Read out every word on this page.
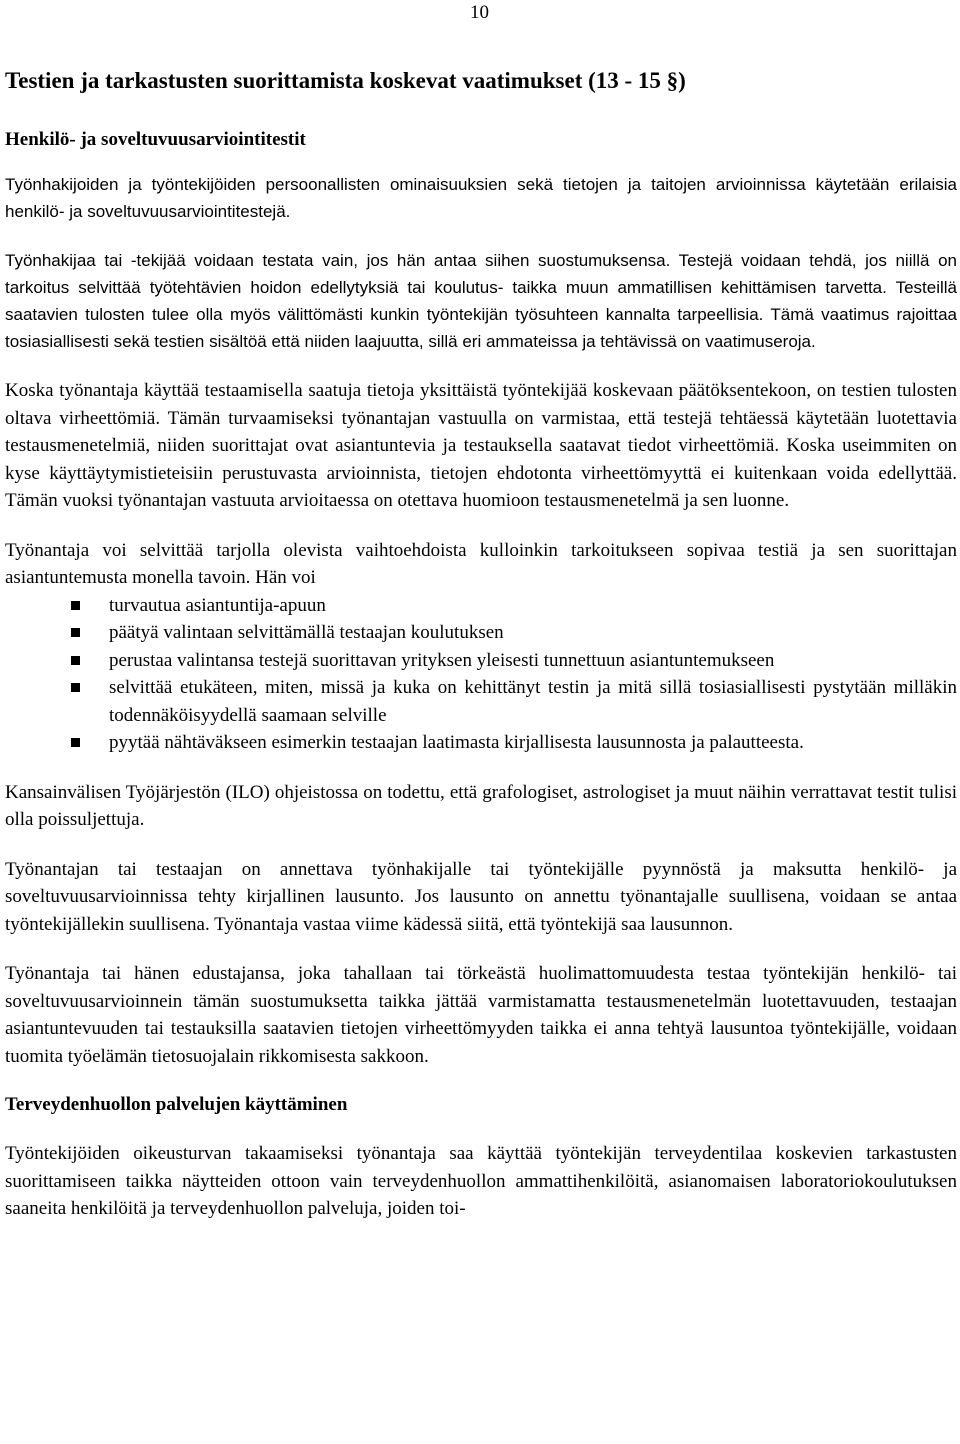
10
Testien ja tarkastusten suorittamista koskevat vaatimukset (13 - 15 §)
Henkilö- ja soveltuvuusarviointitestit

Työnhakijoiden ja työntekijöiden persoonallisten ominaisuuksien sekä tietojen ja taitojen arvioinnissa käytetään erilaisia henkilö- ja soveltuvuusarviointitestejä.

Työnhakijaa tai -tekijää voidaan testata vain, jos hän antaa siihen suostumuksensa. Testejä voidaan tehdä, jos niillä on tarkoitus selvittää työtehtävien hoidon edellytyksiä tai koulutus- taikka muun ammatillisen kehittämisen tarvetta. Testeillä saatavien tulosten tulee olla myös välittömästi kunkin työntekijän työsuhteen kannalta tarpeellisia. Tämä vaatimus rajoittaa tosiasiallisesti sekä testien sisältöä että niiden laajuutta, sillä eri ammateissa ja tehtävissä on vaatimuseroja.

Koska työnantaja käyttää testaamisella saatuja tietoja yksittäistä työntekijää koskevaan päätöksentekoon, on testien tulosten oltava virheettömiä. Tämän turvaamiseksi työnantajan vastuulla on varmistaa, että testejä tehtäessä käytetään luotettavia testausmenetelmiä, niiden suorittajat ovat asiantuntevia ja testauksella saatavat tiedot virheettömiä. Koska useimmiten on kyse käyttäytymistieteisiin perustuvasta arvioinnista, tietojen ehdotonta virheettömyyttä ei kuitenkaan voida edellyttää. Tämän vuoksi työnantajan vastuuta arvioitaessa on otettava huomioon testausmenetelmä ja sen luonne.

Työnantaja voi selvittää tarjolla olevista vaihtoehdoista kulloinkin tarkoitukseen sopivaa testiä ja sen suorittajan asiantuntemusta monella tavoin. Hän voi

turvautua asiantuntija-apuun
päätyä valintaan selvittämällä testaajan koulutuksen
perustaa valintansa testejä suorittavan yrityksen yleisesti tunnettuun asiantuntemukseen
selvittää etukäteen, miten, missä ja kuka on kehittänyt testin ja mitä sillä tosiasiallisesti pystytään milläkin todennäköisyydellä saamaan selville
pyytää nähtäväkseen esimerkin testaajan laatimasta kirjallisesta lausunnosta ja palautteesta.

Kansainvälisen Työjärjestön (ILO) ohjeistossa on todettu, että grafologiset, astrologiset ja muut näihin verrattavat testit tulisi olla poissuljettuja.

Työnantajan tai testaajan on annettava työnhakijalle tai työntekijälle pyynnöstä ja maksutta henkilö- ja soveltuvuusarvioinnissa tehty kirjallinen lausunto. Jos lausunto on annettu työnantajalle suullisena, voidaan se antaa työntekijällekin suullisena. Työnantaja vastaa viime kädessä siitä, että työntekijä saa lausunnon.

Työnantaja tai hänen edustajansa, joka tahallaan tai törkeästä huolimattomuudesta testaa työntekijän henkilö- tai soveltuvuusarvioinnein tämän suostumuksetta taikka jättää varmistamatta testausmenetelmän luotettavuuden, testaajan asiantuntevuuden tai testauksilla saatavien tietojen virheettömyyden taikka ei anna tehtyä lausuntoa työntekijälle, voidaan tuomita työelämän tietosuojalain rikkomisesta sakkoon.

Terveydenhuollon palvelujen käyttäminen

Työntekijöiden oikeusturvan takaamiseksi työnantaja saa käyttää työntekijän terveydentilaa koskevien tarkastusten suorittamiseen taikka näytteiden ottoon vain terveydenhuollon ammattihenkilöitä, asianomaisen laboratoriokoulutuksen saaneita henkilöitä ja terveydenhuollon palveluja, joiden toi-
